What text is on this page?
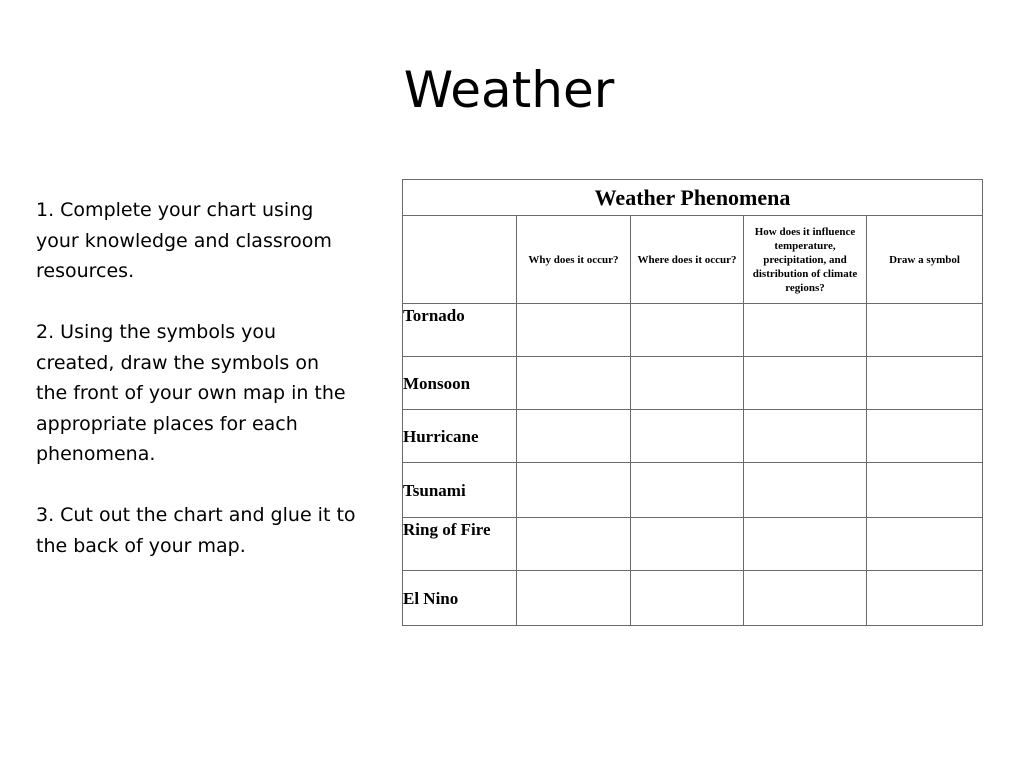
Weather

1. Complete your chart using your knowledge and classroom resources.

2. Using the symbols you created, draw the symbols on the front of your own map in the appropriate places for each phenomena.

3. Cut out the chart and glue it to the back of your map.

Weather Phenomena				
	Why does it occur?	Where does it occur?	How does it influence temperature, precipitation, and distribution of climate regions?	Draw a symbol
Tornado				
Monsoon				
Hurricane				
Tsunami				
Ring of Fire				
El Nino				
